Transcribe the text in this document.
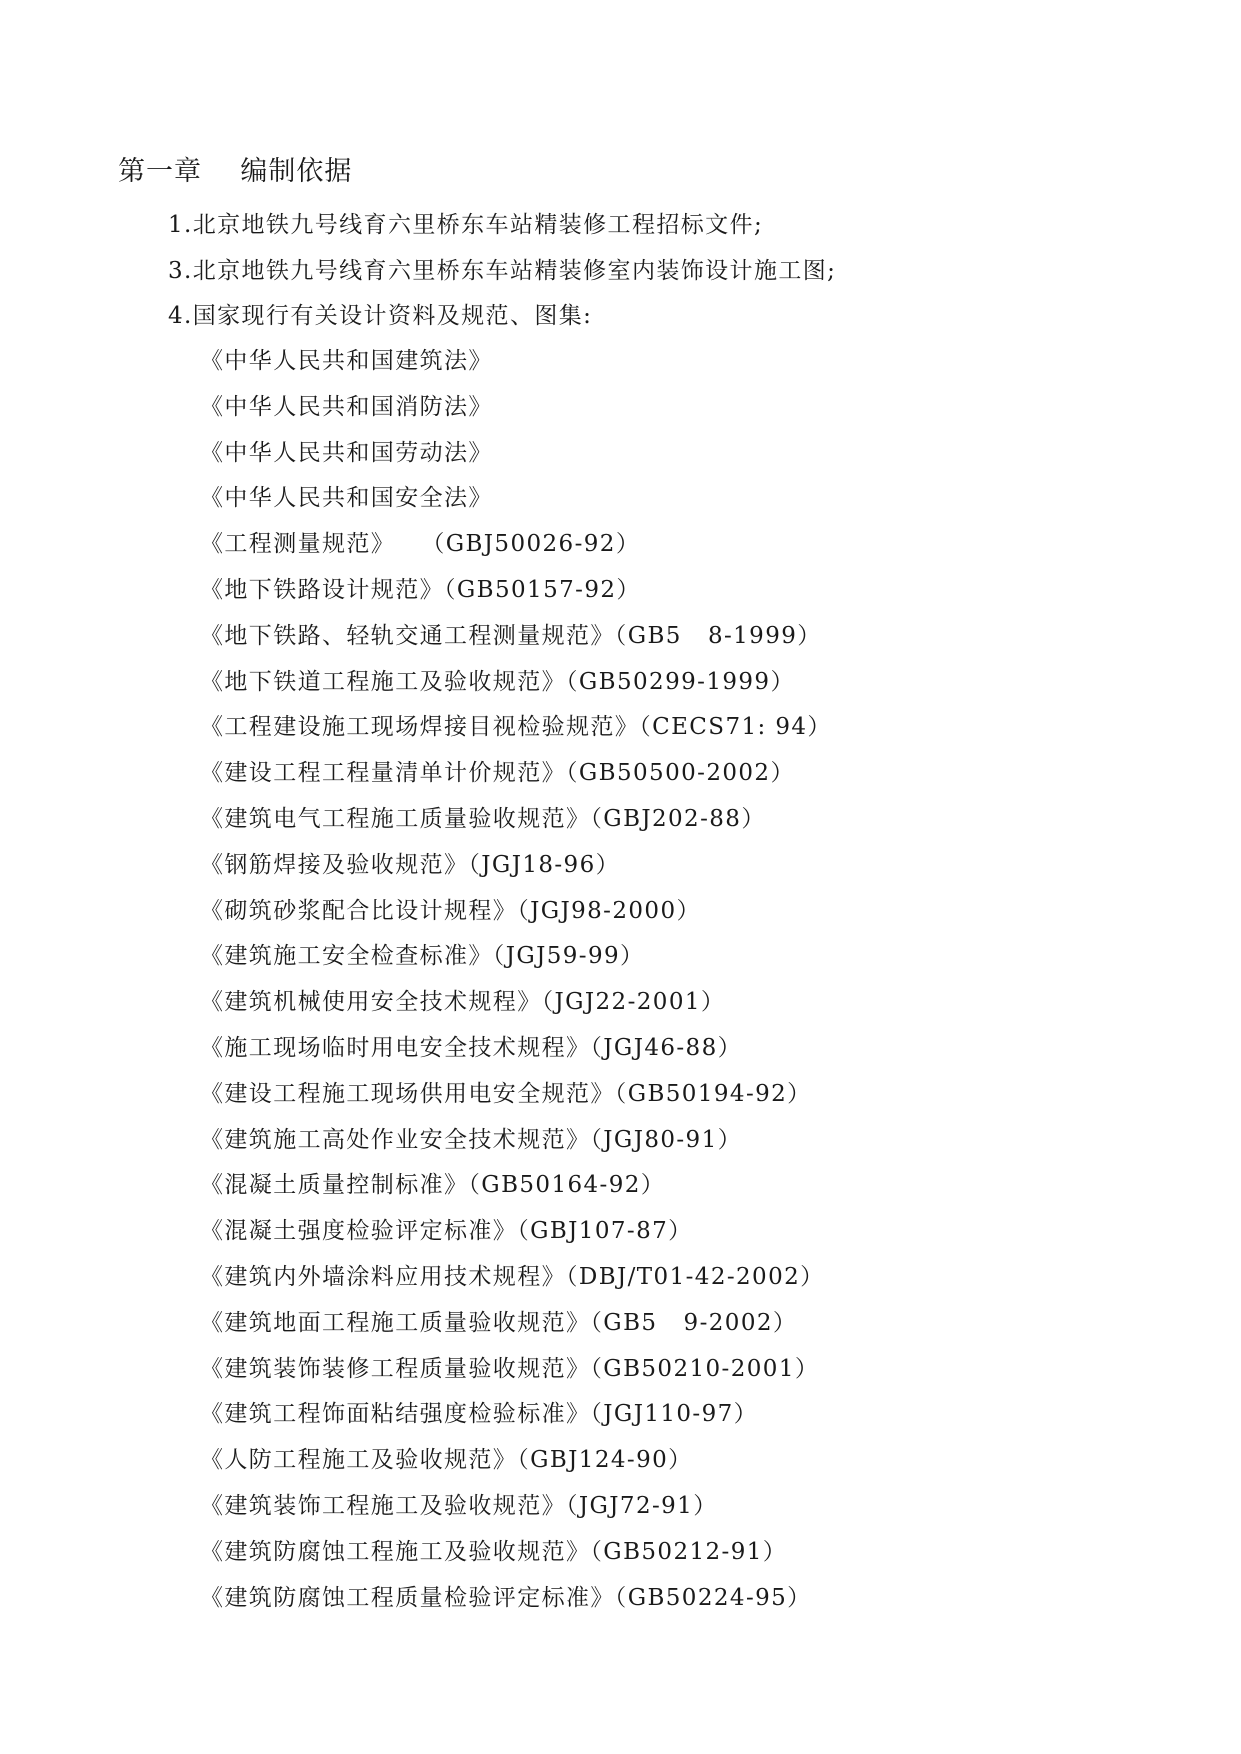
第一章    编制依据
1.北京地铁九号线育六里桥东车站精装修工程招标文件;
3.北京地铁九号线育六里桥东车站精装修室内装饰设计施工图;
4.国家现行有关设计资料及规范、图集:
《中华人民共和国建筑法》
《中华人民共和国消防法》
《中华人民共和国劳动法》
《中华人民共和国安全法》
《工程测量规范》   （GBJ50026-92）
《地下铁路设计规范》（GB50157-92）
《地下铁路、轻轨交通工程测量规范》（GB5   8-1999）
《地下铁道工程施工及验收规范》（GB50299-1999）
《工程建设施工现场焊接目视检验规范》（CECS71: 94）
《建设工程工程量清单计价规范》（GB50500-2002）
《建筑电气工程施工质量验收规范》（GBJ202-88）
《钢筋焊接及验收规范》（JGJ18-96）
《砌筑砂浆配合比设计规程》（JGJ98-2000）
《建筑施工安全检查标准》（JGJ59-99）
《建筑机械使用安全技术规程》（JGJ22-2001）
《施工现场临时用电安全技术规程》（JGJ46-88）
《建设工程施工现场供用电安全规范》（GB50194-92）
《建筑施工高处作业安全技术规范》（JGJ80-91）
《混凝土质量控制标准》（GB50164-92）
《混凝土强度检验评定标准》（GBJ107-87）
《建筑内外墙涂料应用技术规程》（DBJ/T01-42-2002）
《建筑地面工程施工质量验收规范》（GB5   9-2002）
《建筑装饰装修工程质量验收规范》（GB50210-2001）
《建筑工程饰面粘结强度检验标准》（JGJ110-97）
《人防工程施工及验收规范》（GBJ124-90）
《建筑装饰工程施工及验收规范》（JGJ72-91）
《建筑防腐蚀工程施工及验收规范》（GB50212-91）
《建筑防腐蚀工程质量检验评定标准》（GB50224-95）
